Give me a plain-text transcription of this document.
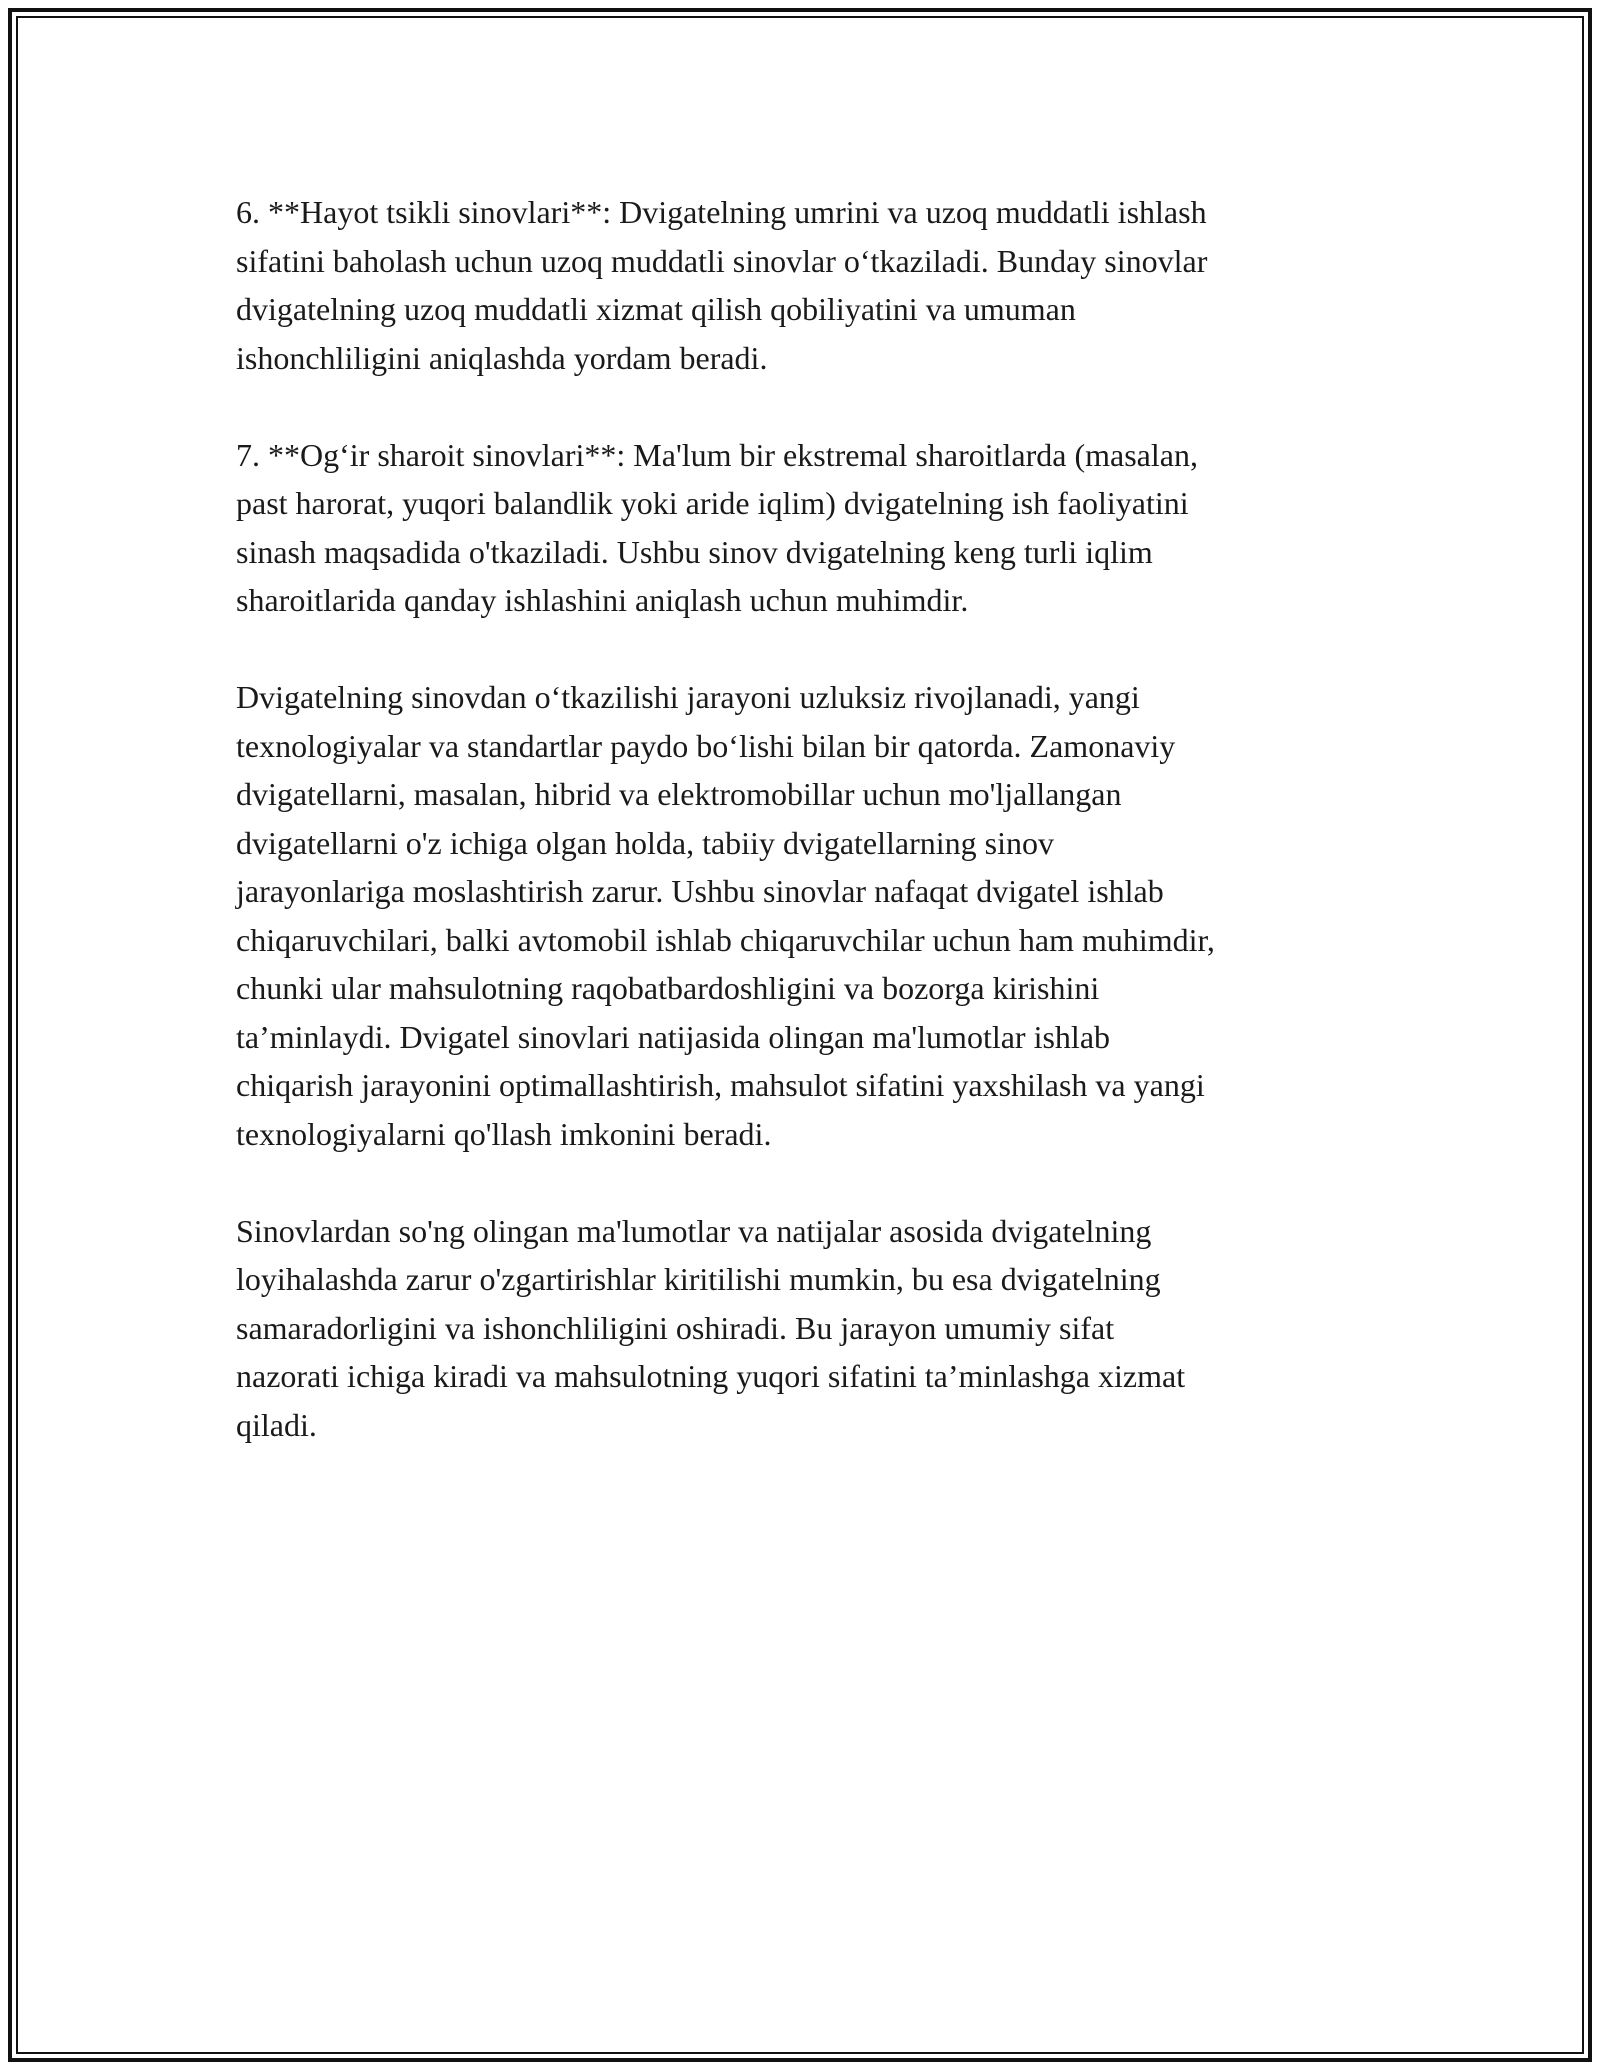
6. **Hayot tsikli sinovlari**: Dvigatelning umrini va uzoq muddatli ishlash
sifatini baholash uchun uzoq muddatli sinovlar o‘tkaziladi. Bunday sinovlar
dvigatelning uzoq muddatli xizmat qilish qobiliyatini va umuman
ishonchliligini aniqlashda yordam beradi.

7. **Og‘ir sharoit sinovlari**: Ma'lum bir ekstremal sharoitlarda (masalan,
past harorat, yuqori balandlik yoki aride iqlim) dvigatelning ish faoliyatini
sinash maqsadida o'tkaziladi. Ushbu sinov dvigatelning keng turli iqlim
sharoitlarida qanday ishlashini aniqlash uchun muhimdir.

Dvigatelning sinovdan o‘tkazilishi jarayoni uzluksiz rivojlanadi, yangi
texnologiyalar va standartlar paydo bo‘lishi bilan bir qatorda. Zamonaviy
dvigatellarni, masalan, hibrid va elektromobillar uchun mo'ljallangan
dvigatellarni o'z ichiga olgan holda, tabiiy dvigatellarning sinov
jarayonlariga moslashtirish zarur. Ushbu sinovlar nafaqat dvigatel ishlab
chiqaruvchilari, balki avtomobil ishlab chiqaruvchilar uchun ham muhimdir,
chunki ular mahsulotning raqobatbardoshligini va bozorga kirishini
ta’minlaydi. Dvigatel sinovlari natijasida olingan ma'lumotlar ishlab
chiqarish jarayonini optimallashtirish, mahsulot sifatini yaxshilash va yangi
texnologiyalarni qo'llash imkonini beradi.

Sinovlardan so'ng olingan ma'lumotlar va natijalar asosida dvigatelning
loyihalashda zarur o'zgartirishlar kiritilishi mumkin, bu esa dvigatelning
samaradorligini va ishonchliligini oshiradi. Bu jarayon umumiy sifat
nazorati ichiga kiradi va mahsulotning yuqori sifatini ta’minlashga xizmat
qiladi.
